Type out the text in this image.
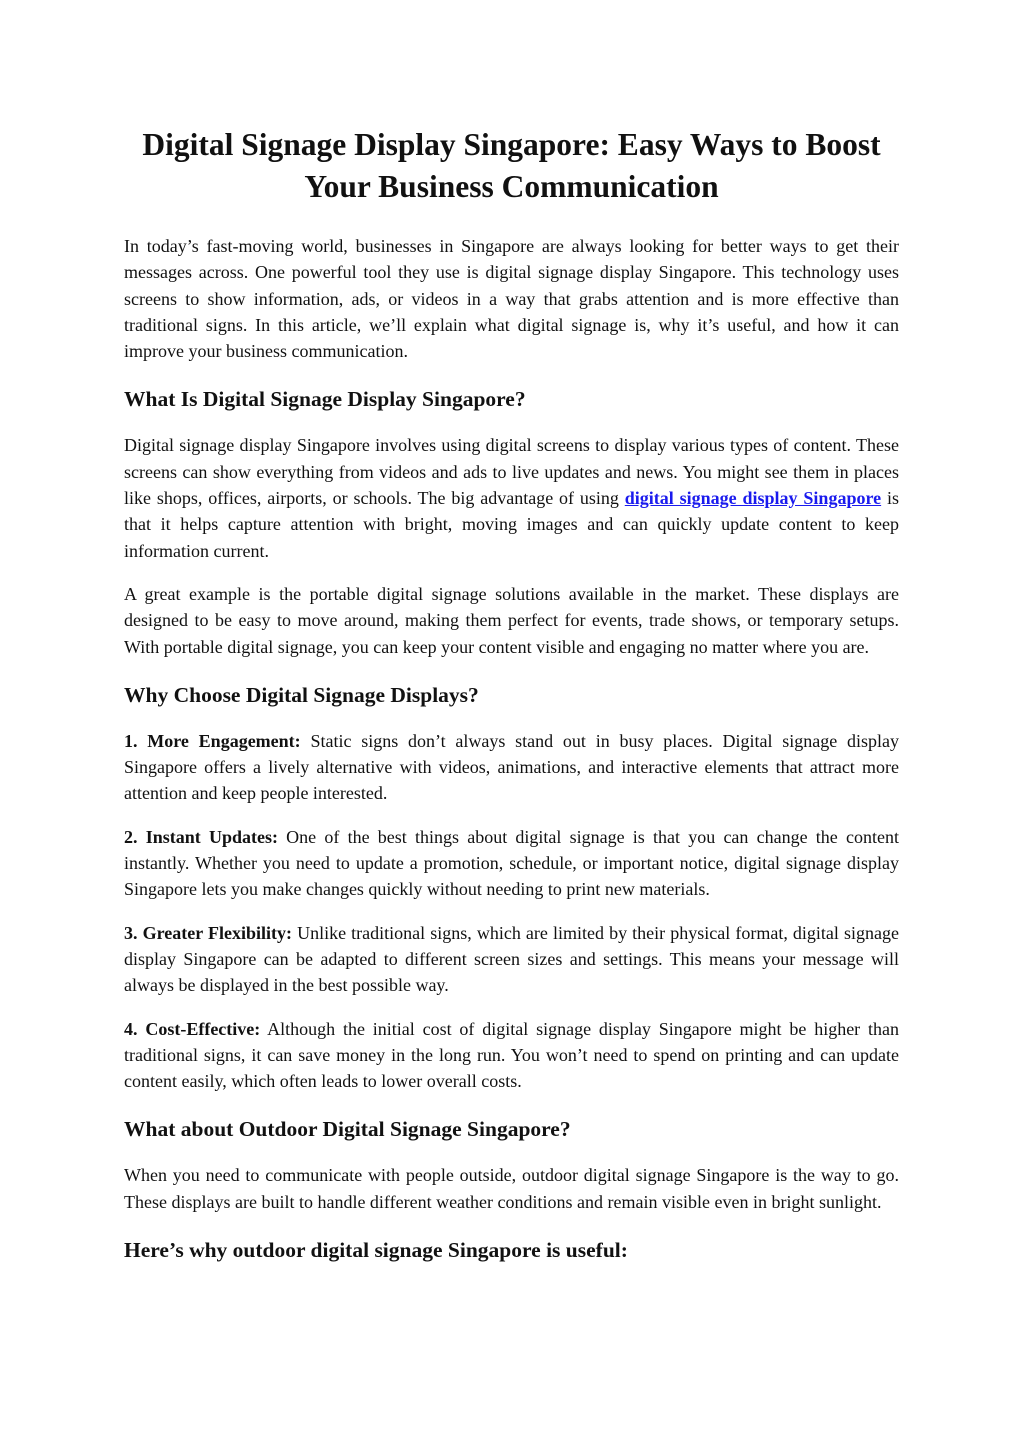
Digital Signage Display Singapore: Easy Ways to Boost
Your Business Communication

In today’s fast-moving world, businesses in Singapore are always looking for better ways to get their messages across. One powerful tool they use is digital signage display Singapore. This technology uses screens to show information, ads, or videos in a way that grabs attention and is more effective than traditional signs. In this article, we’ll explain what digital signage is, why it’s useful, and how it can improve your business communication.

What Is Digital Signage Display Singapore?

Digital signage display Singapore involves using digital screens to display various types of content. These screens can show everything from videos and ads to live updates and news. You might see them in places like shops, offices, airports, or schools. The big advantage of using digital signage display Singapore is that it helps capture attention with bright, moving images and can quickly update content to keep information current.

A great example is the portable digital signage solutions available in the market. These displays are designed to be easy to move around, making them perfect for events, trade shows, or temporary setups. With portable digital signage, you can keep your content visible and engaging no matter where you are.

Why Choose Digital Signage Displays?

1. More Engagement: Static signs don’t always stand out in busy places. Digital signage display Singapore offers a lively alternative with videos, animations, and interactive elements that attract more attention and keep people interested.

2. Instant Updates: One of the best things about digital signage is that you can change the content instantly. Whether you need to update a promotion, schedule, or important notice, digital signage display Singapore lets you make changes quickly without needing to print new materials.

3. Greater Flexibility: Unlike traditional signs, which are limited by their physical format, digital signage display Singapore can be adapted to different screen sizes and settings. This means your message will always be displayed in the best possible way.

4. Cost-Effective: Although the initial cost of digital signage display Singapore might be higher than traditional signs, it can save money in the long run. You won’t need to spend on printing and can update content easily, which often leads to lower overall costs.

What about Outdoor Digital Signage Singapore?

When you need to communicate with people outside, outdoor digital signage Singapore is the way to go. These displays are built to handle different weather conditions and remain visible even in bright sunlight.

Here’s why outdoor digital signage Singapore is useful:
